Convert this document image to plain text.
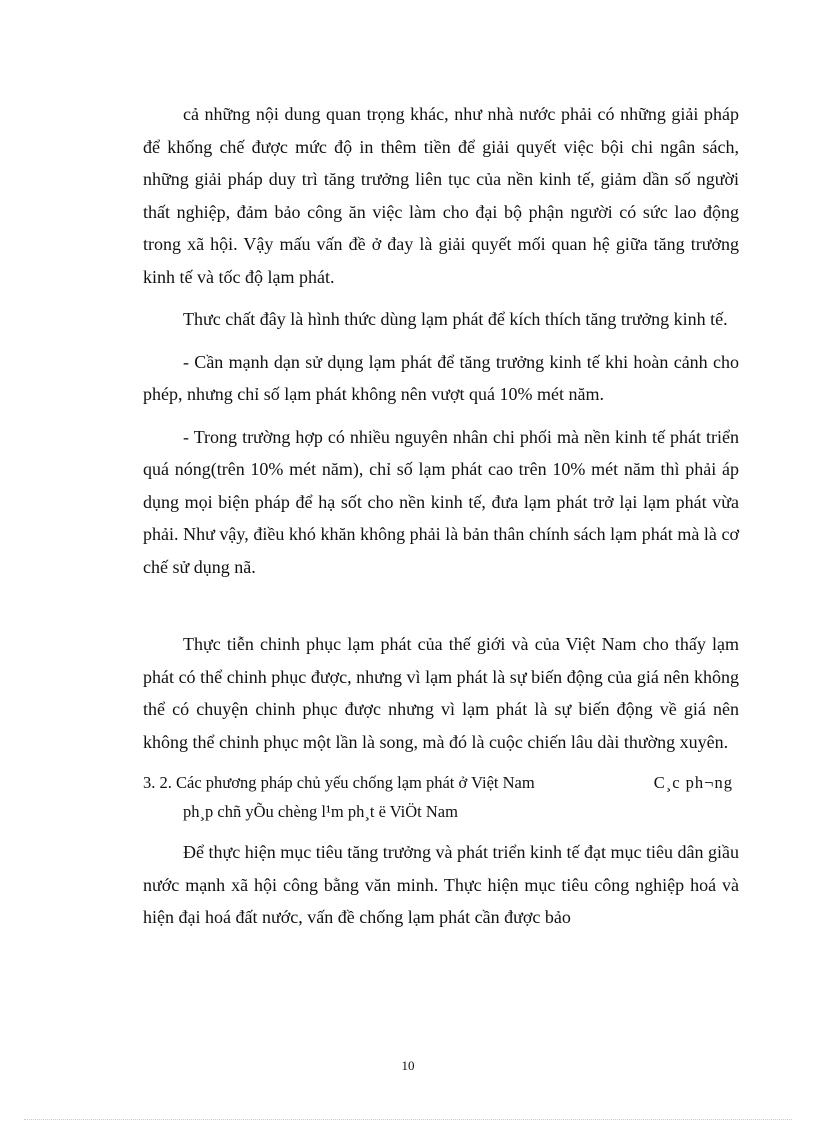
cả những nội dung quan trọng khác, như nhà nước phải có những giải pháp để khống chế được mức độ in thêm tiền để giải quyết việc bội chi ngân sách, những giải pháp duy trì tăng trưởng liên tục của nền kinh tế, giảm dần số người thất nghiệp, đảm bảo công ăn việc làm cho đại bộ phận người có sức lao động trong xã hội. Vậy mấu vấn đề ở đay là giải quyết mối quan hệ giữa tăng trưởng kinh tế và tốc độ lạm phát.

Thưc chất đây là hình thức dùng lạm phát để kích thích tăng trưởng kinh tế.

- Cần mạnh dạn sử dụng lạm phát để tăng trưởng kinh tế khi hoàn cảnh cho phép, nhưng chỉ số lạm phát không nên vượt quá 10% mét năm.

- Trong trường hợp có nhiều nguyên nhân chi phối mà nền kinh tế phát triển quá nóng(trên 10% mét năm), chỉ số lạm phát cao trên 10% mét năm thì phải áp dụng mọi biện pháp để hạ sốt cho nền kinh tế, đưa lạm phát trở lại lạm phát vừa phải. Như vậy, điều khó khăn không phải là bản thân chính sách lạm phát mà là cơ chế sử dụng nã.

Thực tiễn chinh phục lạm phát của thế giới và của Việt Nam cho thấy lạm phát có thể chinh phục được, nhưng vì lạm phát là sự biến động của giá nên không thể có chuyện chinh phục được nhưng vì lạm phát là sự biến động về giá nên không thể chinh phục một lần là song, mà đó là cuộc chiến lâu dài thường xuyên.

3. 2. Các phương pháp chủ yếu chống lạm phát ở Việt Nam	C¸c ph¬ng
ph¸p chñ yÕu chèng l¹m ph¸t ë ViÖt Nam

Để thực hiện mục tiêu tăng trưởng và phát triển kinh tế đạt mục tiêu dân giầu nước mạnh xã hội công bằng văn minh. Thực hiện mục tiêu công nghiệp hoá và hiện đại hoá đất nước, vấn đề chống lạm phát cần được bảo

10
